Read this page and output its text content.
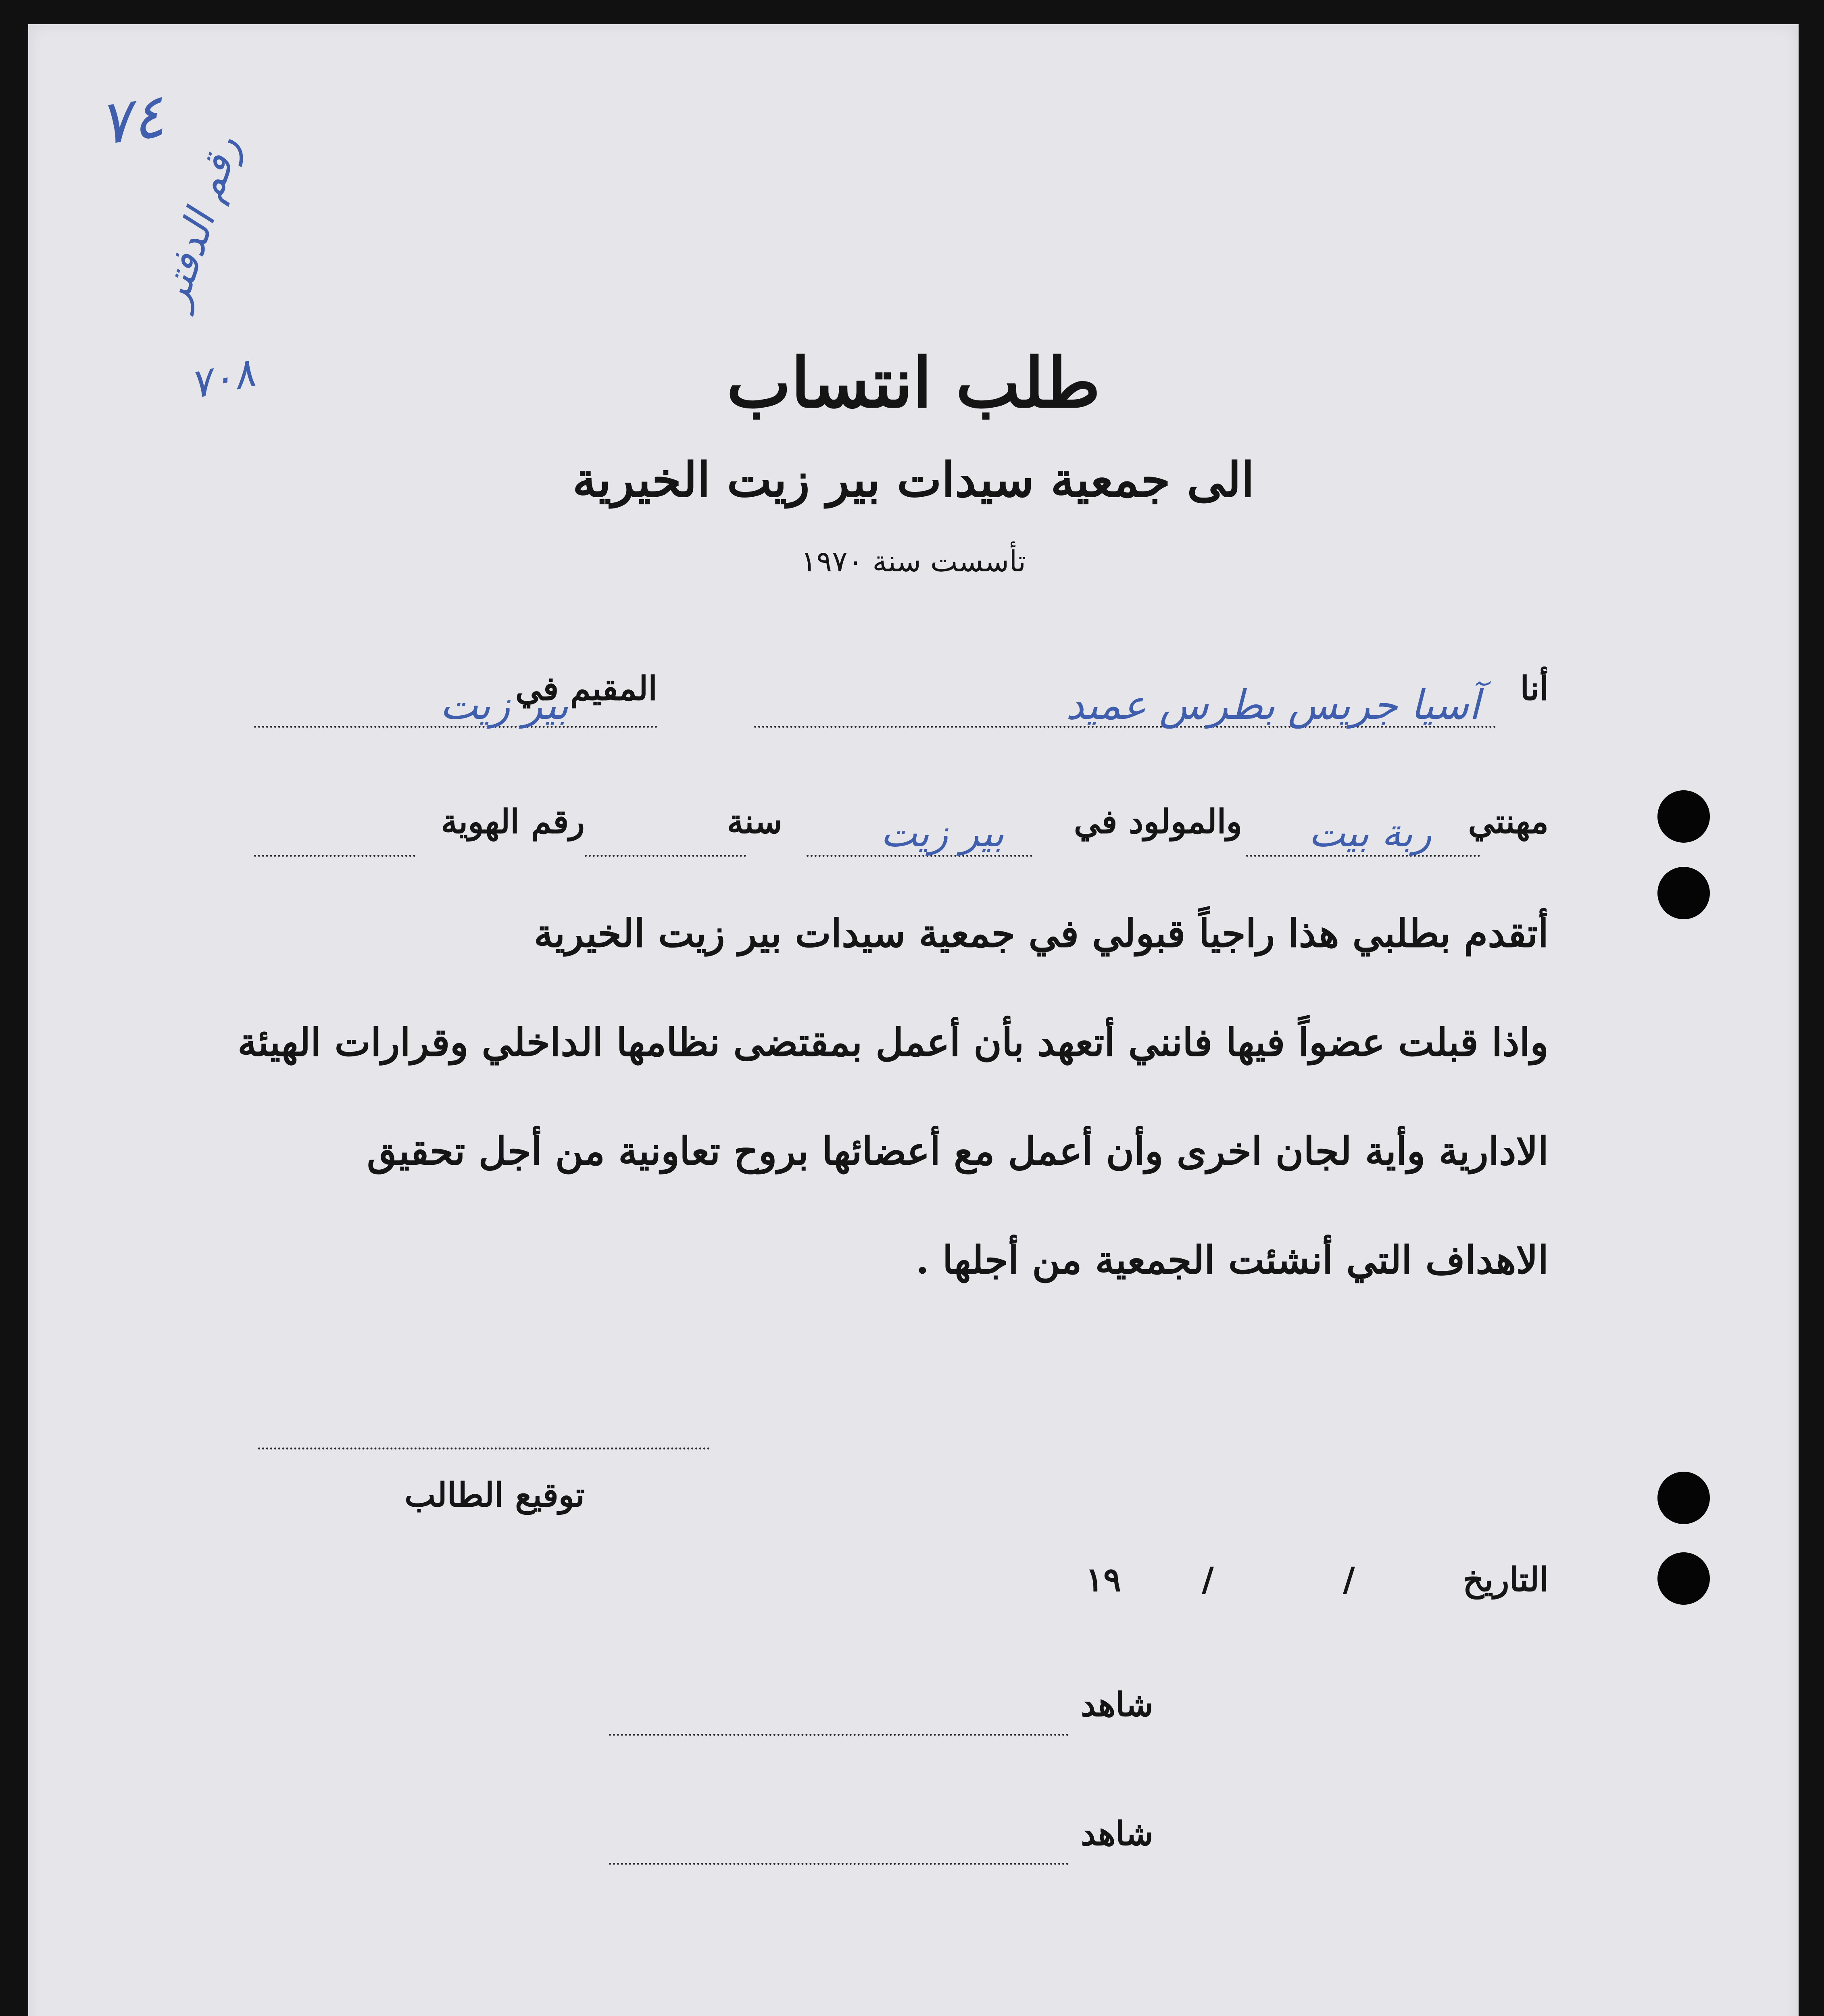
٧٤
رقم الدفتر
٧٠٨	طلب انتساب
الى جمعية سيدات بير زيت الخيرية
تأسست سنة ١٩٧٠
أنا
آسيا جريس بطرس عميد
المقيم في
بير زيت
مهنتي
ربة بيت
والمولود في
بير زيت
سنة
رقم الهوية
أتقدم بطلبي هذا راجياً قبولي في جمعية سيدات بير زيت الخيرية
واذا قبلت عضواً فيها فانني أتعهد بأن أعمل بمقتضى نظامها الداخلي وقرارات الهيئة
الادارية وأية لجان اخرى وأن أعمل مع أعضائها بروح تعاونية من أجل تحقيق
الاهداف التي أنشئت الجمعية من أجلها .
توقيع الطالب
التاريخ
/
/
١٩
شاهد
شاهد
